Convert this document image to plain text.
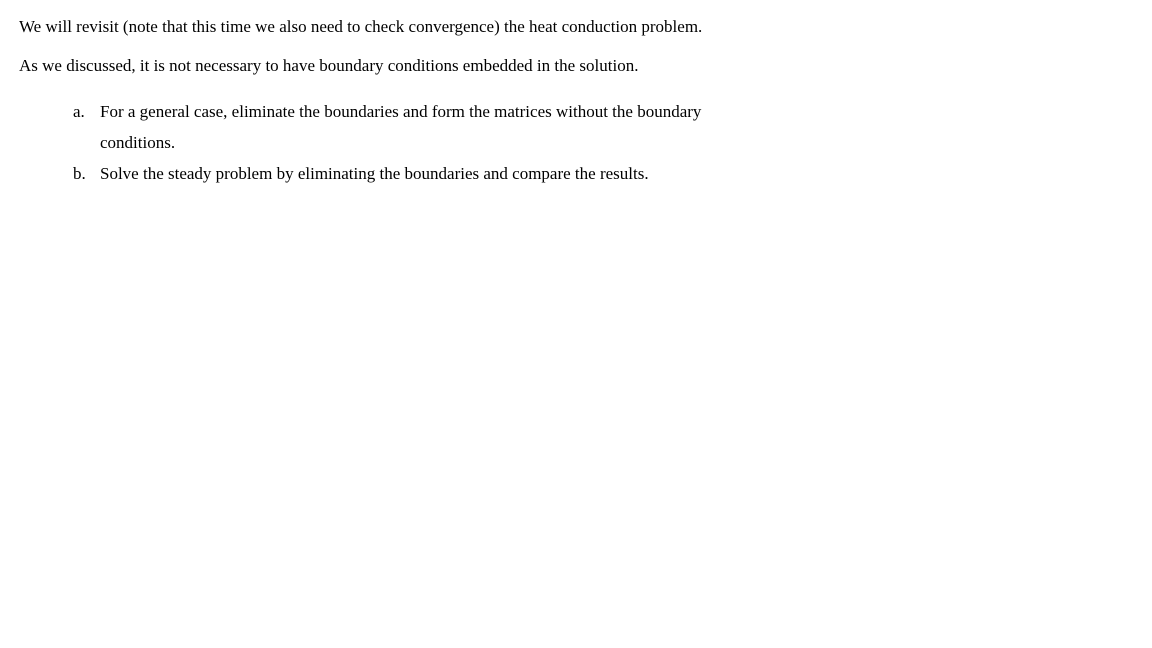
We will revisit (note that this time we also need to check convergence) the heat conduction problem.

As we discussed, it is not necessary to have boundary conditions embedded in the solution.

a. For a general case, eliminate the boundaries and form the matrices without the boundary
conditions.
b. Solve the steady problem by eliminating the boundaries and compare the results.
